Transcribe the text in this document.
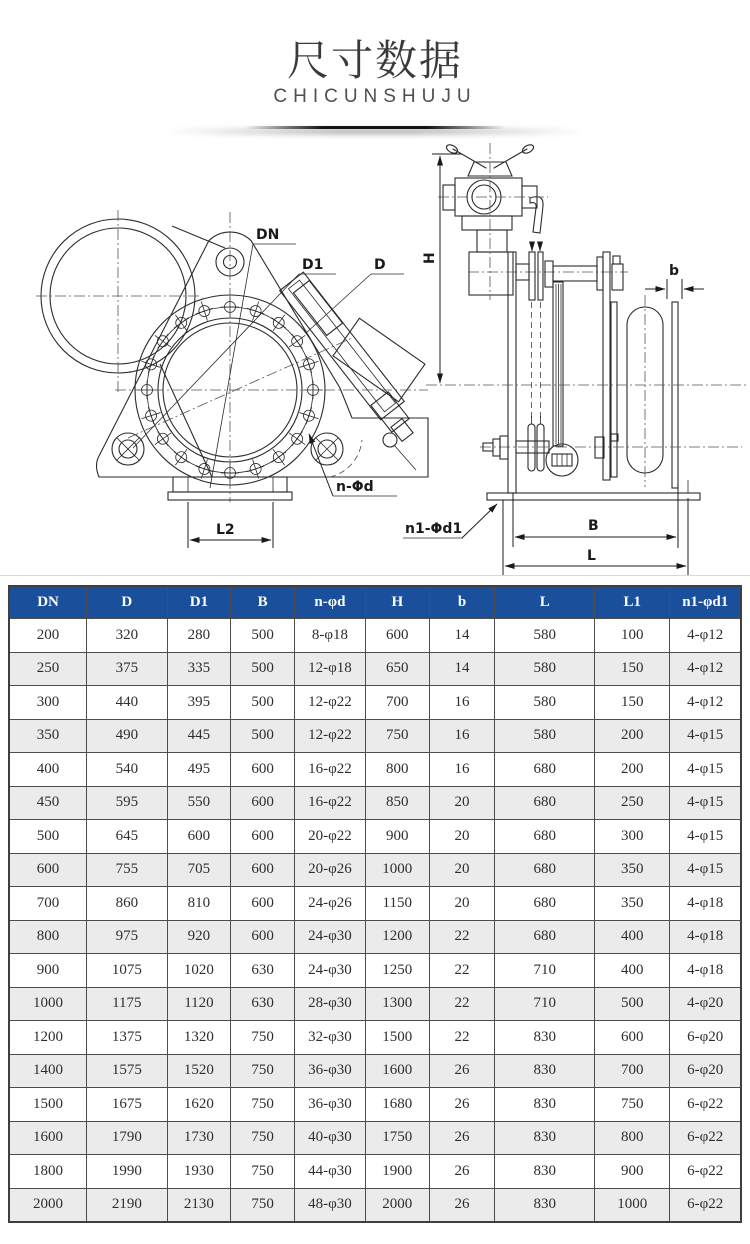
尺寸数据
CHICUNSHUJU
L2
DN
D1	D
n-Φd
H
b
B
L
n1-Φd1
DN	D	D1	B	n-φd	H	b	L	L1	n1-φd1
200	320	280	500	8-φ18	600	14	580	100	4-φ12
250	375	335	500	12-φ18	650	14	580	150	4-φ12
300	440	395	500	12-φ22	700	16	580	150	4-φ12
350	490	445	500	12-φ22	750	16	580	200	4-φ15
400	540	495	600	16-φ22	800	16	680	200	4-φ15
450	595	550	600	16-φ22	850	20	680	250	4-φ15
500	645	600	600	20-φ22	900	20	680	300	4-φ15
600	755	705	600	20-φ26	1000	20	680	350	4-φ15
700	860	810	600	24-φ26	1150	20	680	350	4-φ18
800	975	920	600	24-φ30	1200	22	680	400	4-φ18
900	1075	1020	630	24-φ30	1250	22	710	400	4-φ18
1000	1175	1120	630	28-φ30	1300	22	710	500	4-φ20
1200	1375	1320	750	32-φ30	1500	22	830	600	6-φ20
1400	1575	1520	750	36-φ30	1600	26	830	700	6-φ20
1500	1675	1620	750	36-φ30	1680	26	830	750	6-φ22
1600	1790	1730	750	40-φ30	1750	26	830	800	6-φ22
1800	1990	1930	750	44-φ30	1900	26	830	900	6-φ22
2000	2190	2130	750	48-φ30	2000	26	830	1000	6-φ22
